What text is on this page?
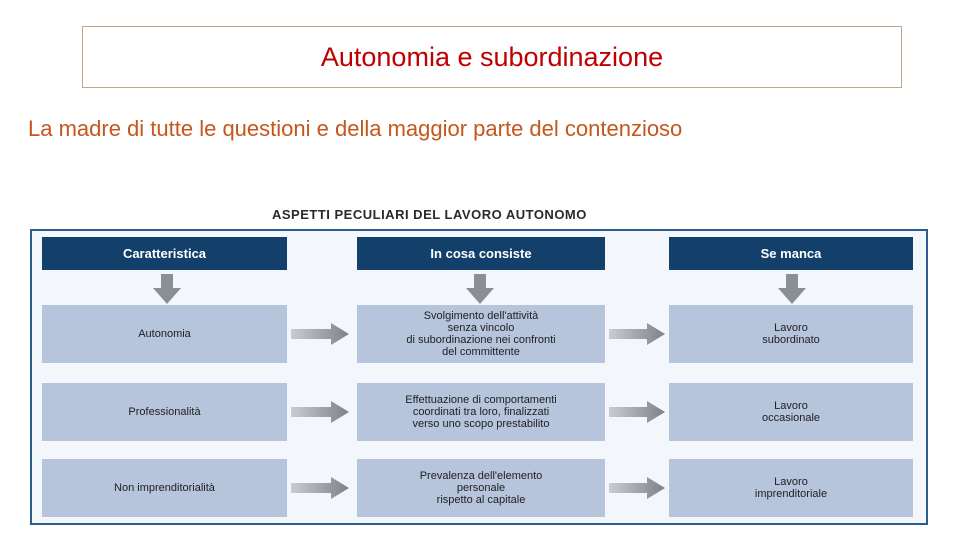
Autonomia e subordinazione
La madre di tutte le questioni e della maggior parte del contenzioso
ASPETTI PECULIARI DEL LAVORO AUTONOMO
Caratteristica	In cosa consiste	Se manca
Autonomia
Svolgimento dell'attività
senza vincolo
di subordinazione nei confronti
del committente
Lavoro
subordinato
Professionalità
Effettuazione di comportamenti
coordinati tra loro, finalizzati
verso uno scopo prestabilito
Lavoro
occasionale
Non imprenditorialità
Prevalenza dell'elemento
personale
rispetto al capitale
Lavoro
imprenditoriale
